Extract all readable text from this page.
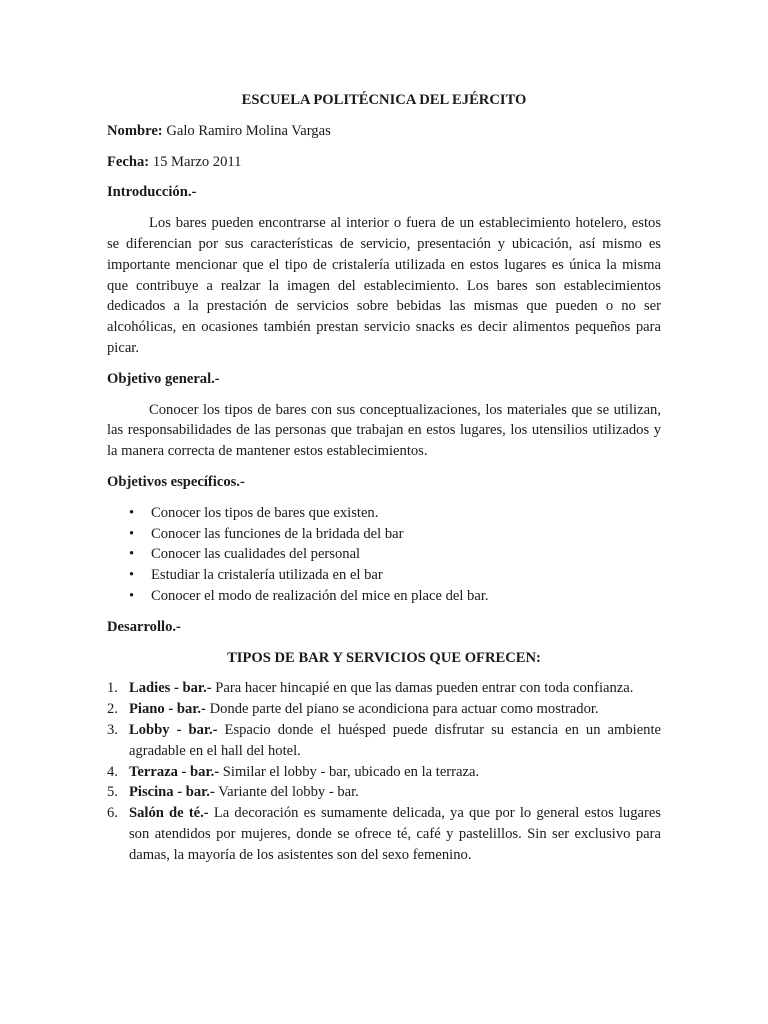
ESCUELA POLITÉCNICA DEL EJÉRCITO
Nombre: Galo Ramiro Molina Vargas
Fecha: 15 Marzo 2011
Introducción.-
Los bares pueden encontrarse al interior o fuera de un establecimiento hotelero, estos se diferencian por sus características de servicio, presentación y ubicación, así mismo es importante mencionar que el tipo de cristalería utilizada en estos lugares es única la misma que contribuye a realzar la imagen del establecimiento. Los bares son establecimientos dedicados a la prestación de servicios sobre bebidas las mismas que pueden o no ser alcohólicas, en ocasiones también prestan servicio snacks es decir alimentos pequeños para picar.
Objetivo general.-
Conocer los tipos de bares con sus conceptualizaciones, los materiales que se utilizan, las responsabilidades de las personas que trabajan en estos lugares, los utensilios utilizados y la manera correcta de mantener estos establecimientos.
Objetivos específicos.-
• Conocer los tipos de bares que existen.
• Conocer las funciones de la bridada del bar
• Conocer las cualidades del personal
• Estudiar la cristalería utilizada en el bar
• Conocer el modo de realización del mice en place del bar.
Desarrollo.-
TIPOS DE BAR Y SERVICIOS QUE OFRECEN:
1. Ladies - bar.- Para hacer hincapié en que las damas pueden entrar con toda confianza.
2. Piano - bar.- Donde parte del piano se acondiciona para actuar como mostrador.
3. Lobby - bar.- Espacio donde el huésped puede disfrutar su estancia en un ambiente agradable en el hall del hotel.
4. Terraza - bar.- Similar el lobby - bar, ubicado en la terraza.
5. Piscina - bar.- Variante del lobby - bar.
6. Salón de té.- La decoración es sumamente delicada, ya que por lo general estos lugares son atendidos por mujeres, donde se ofrece té, café y pastelillos. Sin ser exclusivo para damas, la mayoría de los asistentes son del sexo femenino.
